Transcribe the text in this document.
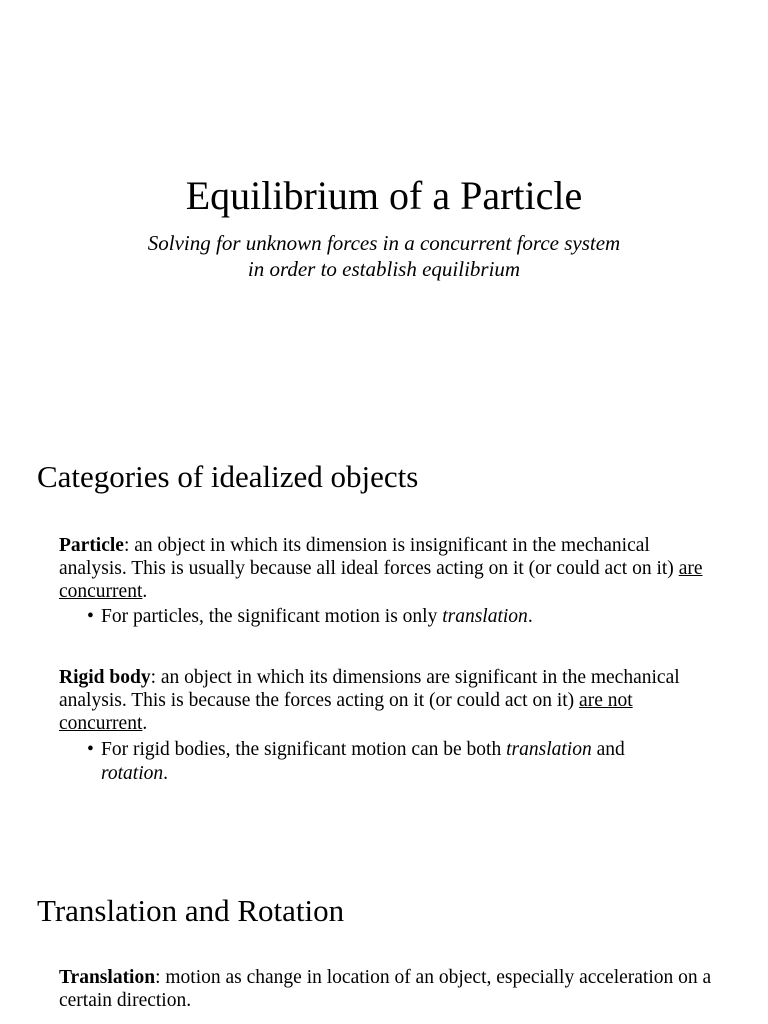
Equilibrium of a Particle
Solving for unknown forces in a concurrent force system
in order to establish equilibrium
Categories of idealized objects
Particle: an object in which its dimension is insignificant in the mechanical analysis. This is usually because all ideal forces acting on it (or could act on it) are concurrent.
• For particles, the significant motion is only translation.
Rigid body: an object in which its dimensions are significant in the mechanical analysis. This is because the forces acting on it (or could act on it) are not concurrent.
• For rigid bodies, the significant motion can be both translation and
rotation.
Translation and Rotation
Translation: motion as change in location of an object, especially acceleration on a certain direction.
